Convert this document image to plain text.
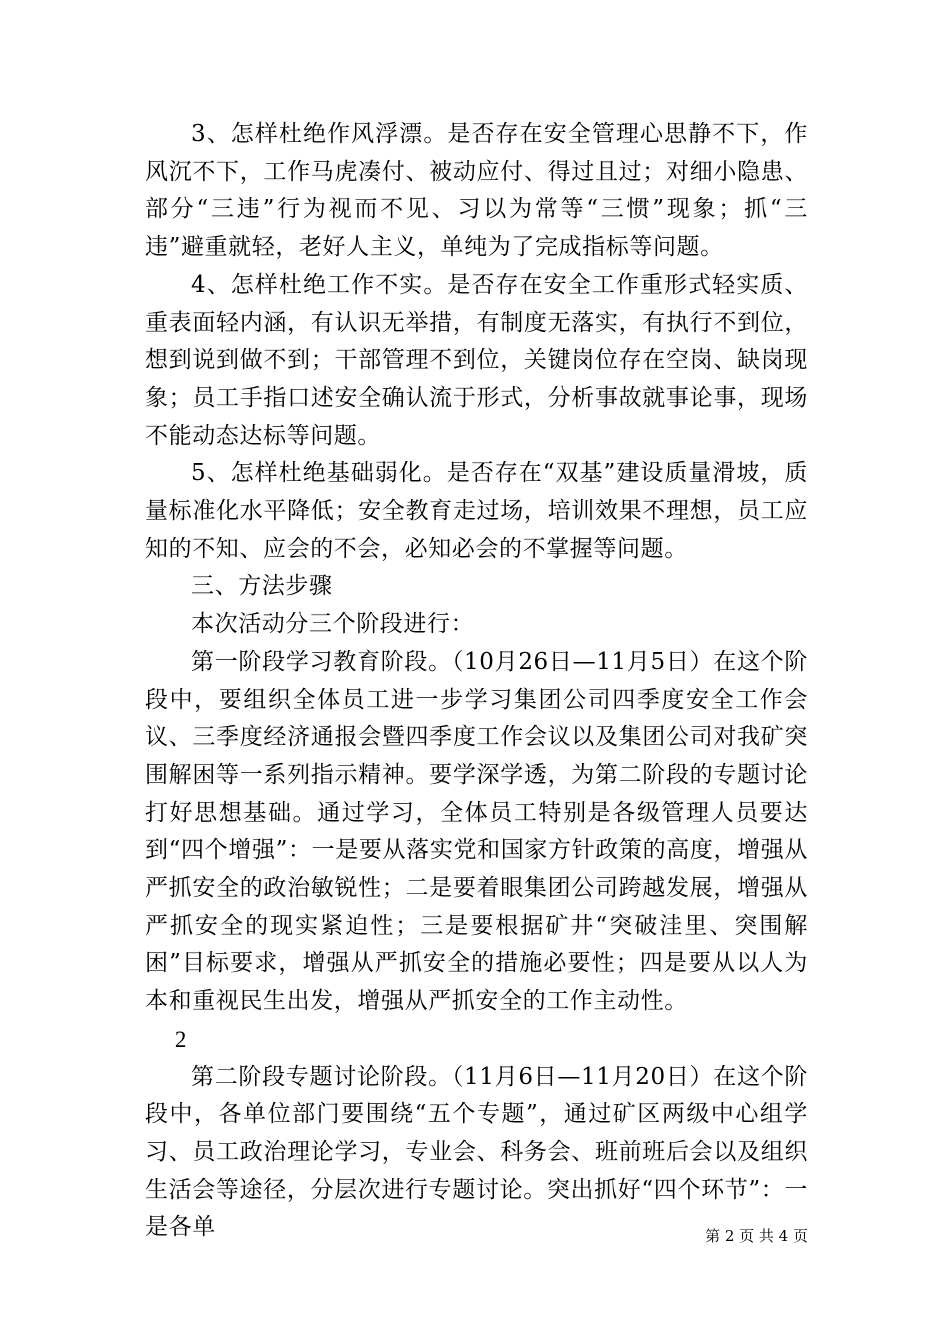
3、怎样杜绝作风浮漂。是否存在安全管理心思静不下，作风沉不下，工作马虎凑付、被动应付、得过且过；对细小隐患、部分“三违”行为视而不见、习以为常等“三惯”现象；抓“三违”避重就轻，老好人主义，单纯为了完成指标等问题。

4、怎样杜绝工作不实。是否存在安全工作重形式轻实质、重表面轻内涵，有认识无举措，有制度无落实，有执行不到位，想到说到做不到；干部管理不到位，关键岗位存在空岗、缺岗现象；员工手指口述安全确认流于形式，分析事故就事论事，现场不能动态达标等问题。

5、怎样杜绝基础弱化。是否存在“双基”建设质量滑坡，质量标准化水平降低；安全教育走过场，培训效果不理想，员工应知的不知、应会的不会，必知必会的不掌握等问题。

三、方法步骤

本次活动分三个阶段进行：

第一阶段学习教育阶段。（10月26日—11月5日）在这个阶段中，要组织全体员工进一步学习集团公司四季度安全工作会议、三季度经济通报会暨四季度工作会议以及集团公司对我矿突围解困等一系列指示精神。要学深学透，为第二阶段的专题讨论打好思想基础。通过学习，全体员工特别是各级管理人员要达到“四个增强”：一是要从落实党和国家方针政策的高度，增强从严抓安全的政治敏锐性；二是要着眼集团公司跨越发展，增强从严抓安全的现实紧迫性；三是要根据矿井“突破洼里、突围解困”目标要求，增强从严抓安全的措施必要性；四是要从以人为本和重视民生出发，增强从严抓安全的工作主动性。

2

第二阶段专题讨论阶段。（11月6日—11月20日）在这个阶段中，各单位部门要围绕“五个专题”，通过矿区两级中心组学习、员工政治理论学习，专业会、科务会、班前班后会以及组织生活会等途径，分层次进行专题讨论。突出抓好“四个环节”：一是各单	第 2 页 共 4 页
